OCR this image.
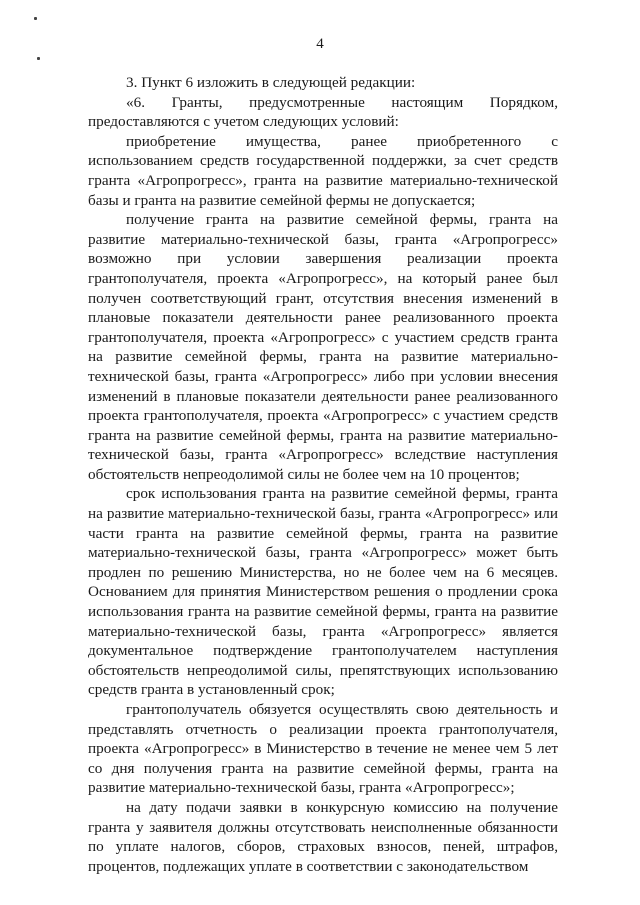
4

3. Пункт 6 изложить в следующей редакции:

«6. Гранты, предусмотренные настоящим Порядком, предоставляются с учетом следующих условий:

приобретение имущества, ранее приобретенного с использованием средств государственной поддержки, за счет средств гранта «Агропрогресс», гранта на развитие материально-технической базы и гранта на развитие семейной фермы не допускается;

получение гранта на развитие семейной фермы, гранта на развитие материально-технической базы, гранта «Агропрогресс» возможно при условии завершения реализации проекта грантополучателя, проекта «Агропрогресс», на который ранее был получен соответствующий грант, отсутствия внесения изменений в плановые показатели деятельности ранее реализованного проекта грантополучателя, проекта «Агропрогресс» с участием средств гранта на развитие семейной фермы, гранта на развитие материально-технической базы, гранта «Агропрогресс» либо при условии внесения изменений в плановые показатели деятельности ранее реализованного проекта грантополучателя, проекта «Агропрогресс» с участием средств гранта на развитие семейной фермы, гранта на развитие материально-технической базы, гранта «Агропрогресс» вследствие наступления обстоятельств непреодолимой силы не более чем на 10 процентов;

срок использования гранта на развитие семейной фермы, гранта на развитие материально-технической базы, гранта «Агропрогресс» или части гранта на развитие семейной фермы, гранта на развитие материально-технической базы, гранта «Агропрогресс» может быть продлен по решению Министерства, но не более чем на 6 месяцев. Основанием для принятия Министерством решения о продлении срока использования гранта на развитие семейной фермы, гранта на развитие материально-технической базы, гранта «Агропрогресс» является документальное подтверждение грантополучателем наступления обстоятельств непреодолимой силы, препятствующих использованию средств гранта в установленный срок;

грантополучатель обязуется осуществлять свою деятельность и представлять отчетность о реализации проекта грантополучателя, проекта «Агропрогресс» в Министерство в течение не менее чем 5 лет со дня получения гранта на развитие семейной фермы, гранта на развитие материально-технической базы, гранта «Агропрогресс»;

на дату подачи заявки в конкурсную комиссию на получение гранта у заявителя должны отсутствовать неисполненные обязанности по уплате налогов, сборов, страховых взносов, пеней, штрафов, процентов, подлежащих уплате в соответствии с законодательством
